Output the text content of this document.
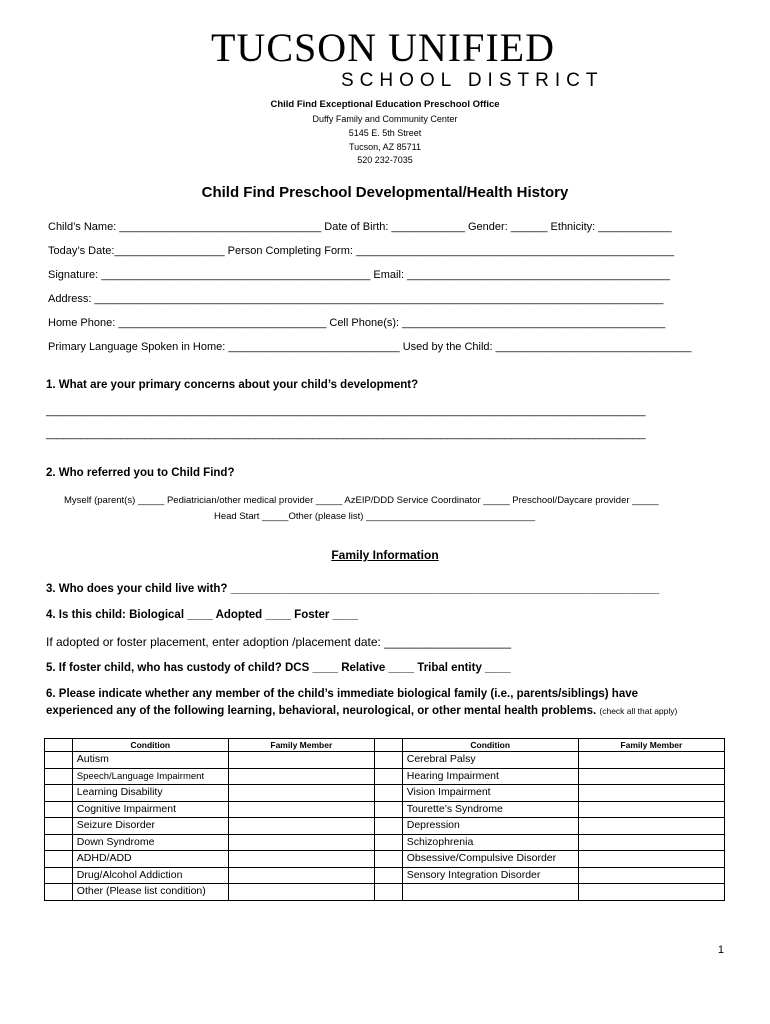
TUCSON UNIFIED
SCHOOL DISTRICT
Child Find Exceptional Education Preschool Office
Duffy Family and Community Center
5145 E. 5th Street
Tucson, AZ 85711
520 232-7035
Child Find Preschool Developmental/Health History
Child’s Name: _________________________________ Date of Birth: ____________ Gender: ______ Ethnicity: ____________
Today’s Date:__________________ Person Completing Form: ____________________________________________________
Signature: ____________________________________________ Email: ___________________________________________
Address: _____________________________________________________________________________________________
Home Phone: __________________________________ Cell Phone(s): ___________________________________________
Primary Language Spoken in Home: ____________________________ Used by the Child: ________________________________
1. What are your primary concerns about your child’s development?
_______________________________________________________________________________________________________
_______________________________________________________________________________________________________
2. Who referred you to Child Find?
Myself (parent(s) _____ Pediatrician/other medical provider _____ AzEIP/DDD Service Coordinator _____ Preschool/Daycare provider _____
Head Start _____Other (please list) ________________________________
Family Information
3. Who does your child live with? ___________________________________________________________________
4. Is this child: Biological ____ Adopted ____ Foster ____
If adopted or foster placement, enter adoption /placement date: ___________________
5. If foster child, who has custody of child? DCS ____ Relative ____ Tribal entity ____
6. Please indicate whether any member of the child’s immediate biological family (i.e., parents/siblings) have
experienced any of the following learning, behavioral, neurological, or other mental health problems. (check all that apply)
	Condition	Family Member		Condition	Family Member
	Autism			Cerebral Palsy	
	Speech/Language Impairment			Hearing Impairment	
	Learning Disability			Vision Impairment	
	Cognitive Impairment			Tourette’s Syndrome	
	Seizure Disorder			Depression	
	Down Syndrome			Schizophrenia	
	ADHD/ADD			Obsessive/Compulsive Disorder	
	Drug/Alcohol Addiction			Sensory Integration Disorder	
	Other (Please list condition)				
1
